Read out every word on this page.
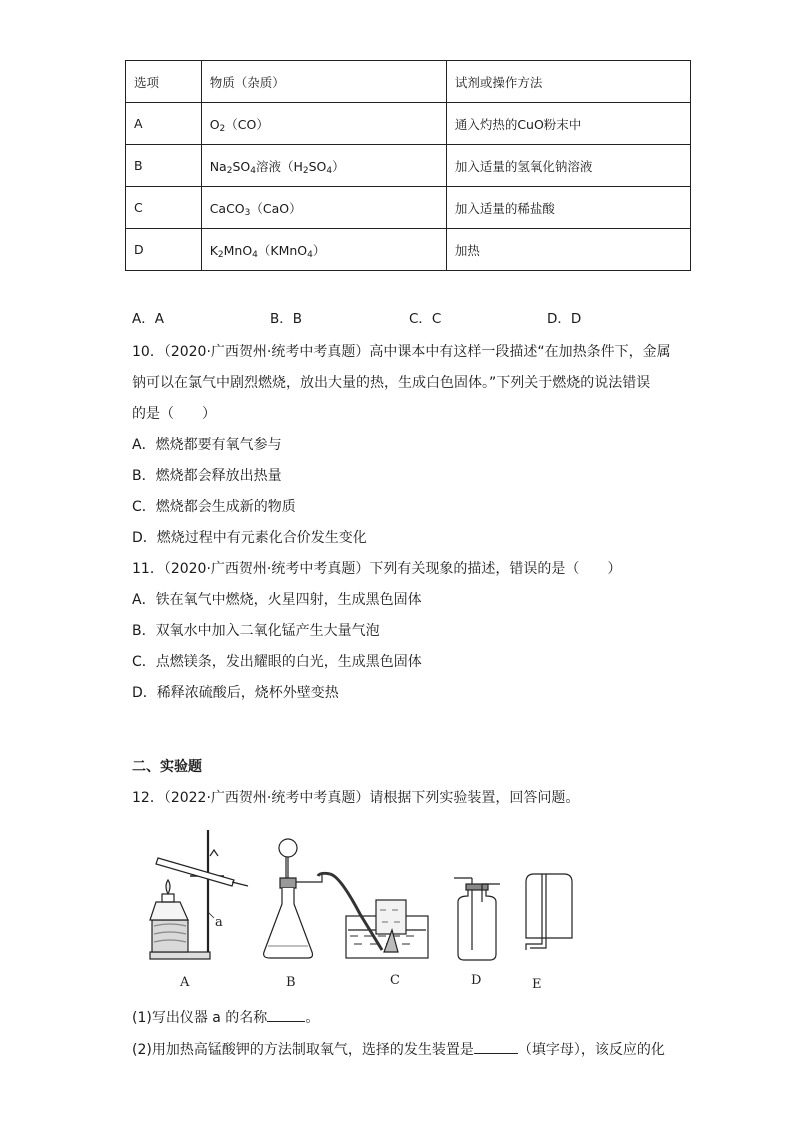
选项	物质（杂质）	试剂或操作方法
A	$O_2(CO)$	通入灼热的CuO粉末中
B	$Na_2SO_4$溶液$(H_2SO_4)$	加入适量的氢氧化钠溶液
C	CaCO$_3$（CaO）	加入适量的稀盐酸
D	$K_2MnO_4(KMnO_4)$	加热
A．A	B．B	C．C	D．D
10．（2020·广西贺州·统考中考真题）高中课本中有这样一段描述“在加热条件下，金属
钠可以在氯气中剧烈燃烧，放出大量的热，生成白色固体。”下列关于燃烧的说法错误
的是（　　）
A．燃烧都要有氧气参与
B．燃烧都会释放出热量
C．燃烧都会生成新的物质
D．燃烧过程中有元素化合价发生变化
11．（2020·广西贺州·统考中考真题）下列有关现象的描述，错误的是（　　）
A．铁在氧气中燃烧，火星四射，生成黑色固体
B．双氧水中加入二氧化锰产生大量气泡
C．点燃镁条，发出耀眼的白光，生成黑色固体
D．稀释浓硫酸后，烧杯外壁变热
二、实验题
12．（2022·广西贺州·统考中考真题）请根据下列实验装置，回答问题。
a
A	B	C	D	E
(1)写出仪器 a 的名称	。
(2)用加热高锰酸钾的方法制取氧气，选择的发生装置是	（填字母），该反应的化
